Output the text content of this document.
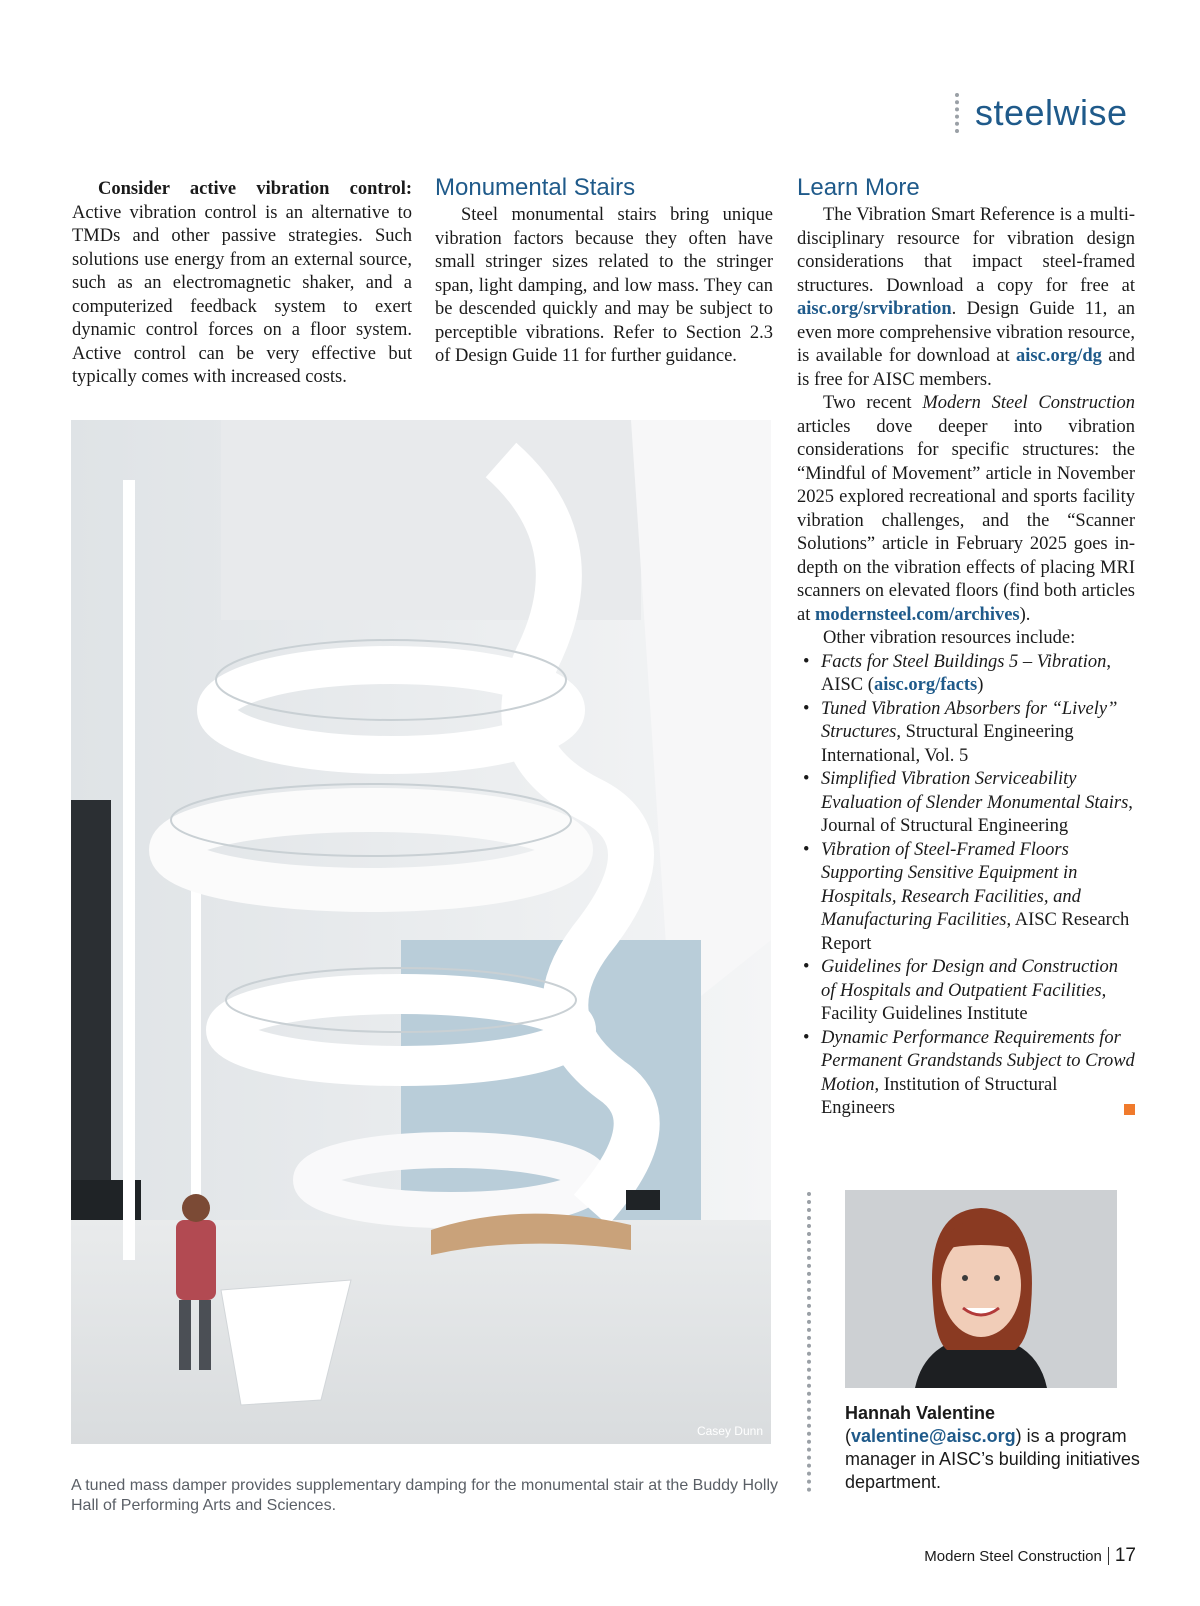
steelwise

Consider active vibration control: Active vibration control is an alternative to TMDs and other passive strategies. Such solutions use energy from an external source, such as an electromagnetic shaker, and a computerized feedback system to exert dynamic control forces on a floor system. Active control can be very effective but typically comes with increased costs.

Monumental Stairs

Steel monumental stairs bring unique vibration factors because they often have small stringer sizes related to the stringer span, light damping, and low mass. They can be descended quickly and may be subject to perceptible vibrations. Refer to Section 2.3 of Design Guide 11 for further guidance.

Learn More

The Vibration Smart Reference is a multi-disciplinary resource for vibration design considerations that impact steel-framed structures. Download a copy for free at aisc.org/srvibration. Design Guide 11, an even more comprehensive vibration resource, is available for download at aisc.org/dg and is free for AISC members.

Two recent Modern Steel Construction articles dove deeper into vibration considerations for specific structures: the “Mindful of Movement” article in November 2025 explored recreational and sports facility vibration challenges, and the “Scanner Solutions” article in February 2025 goes in-depth on the vibration effects of placing MRI scanners on elevated floors (find both articles at modernsteel.com/archives).

Other vibration resources include:

• Facts for Steel Buildings 5 – Vibration, AISC (aisc.org/facts)
• Tuned Vibration Absorbers for “Lively” Structures, Structural Engineering International, Vol. 5
• Simplified Vibration Serviceability Evaluation of Slender Monumental Stairs, Journal of Structural Engineering
• Vibration of Steel-Framed Floors Supporting Sensitive Equipment in Hospitals, Research Facilities, and Manufacturing Facilities, AISC Research Report
• Guidelines for Design and Construction of Hospitals and Outpatient Facilities, Facility Guidelines Institute
• Dynamic Performance Requirements for Permanent Grandstands Subject to Crowd Motion, Institution of Structural Engineers
Casey Dunn
A tuned mass damper provides supplementary damping for the monumental stair at the Buddy Holly Hall of Performing Arts and Sciences.
Hannah Valentine
(valentine@aisc.org) is a program manager in AISC’s building initiatives department.
Modern Steel Construction 17
